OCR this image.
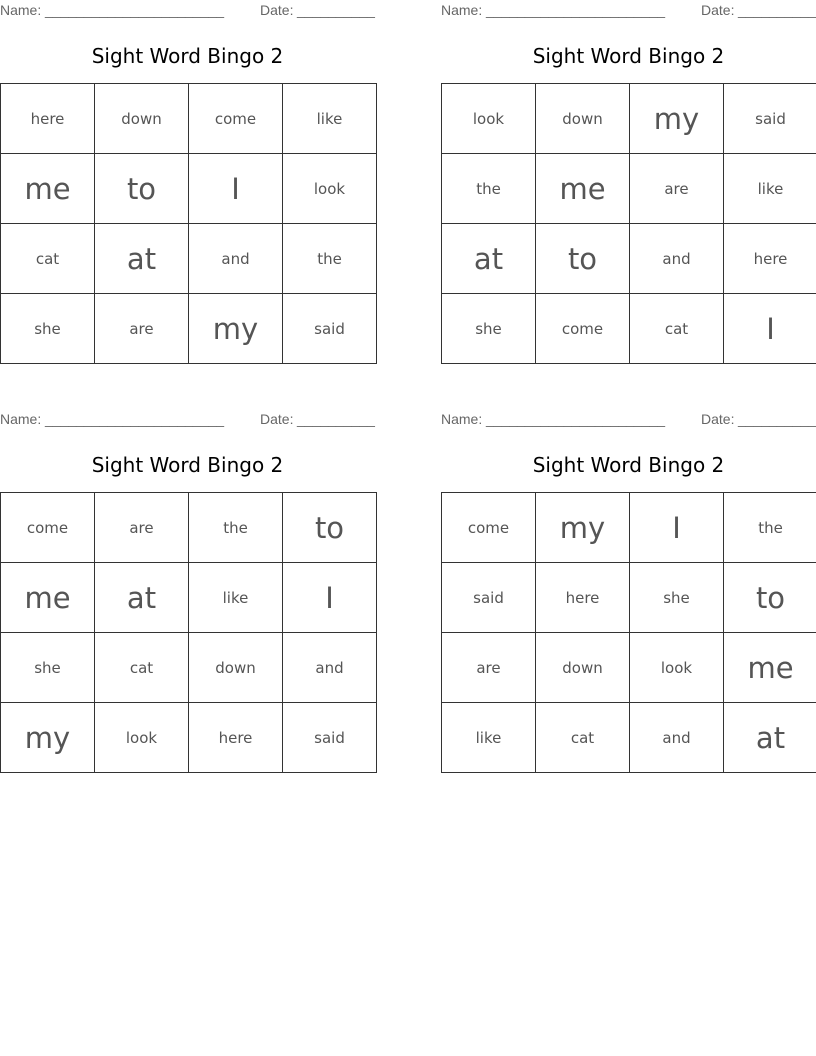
Name: _______________________	Date: __________
Sight Word Bingo 2
here	down	come	like
me	to	I	look
cat	at	and	the
she	are	my	said
Name: _______________________	Date: __________
Sight Word Bingo 2
look	down	my	said
the	me	are	like
at	to	and	here
she	come	cat	I
Name: _______________________	Date: __________
Sight Word Bingo 2
come	are	the	to
me	at	like	I
she	cat	down	and
my	look	here	said
Name: _______________________	Date: __________
Sight Word Bingo 2
come	my	I	the
said	here	she	to
are	down	look	me
like	cat	and	at
